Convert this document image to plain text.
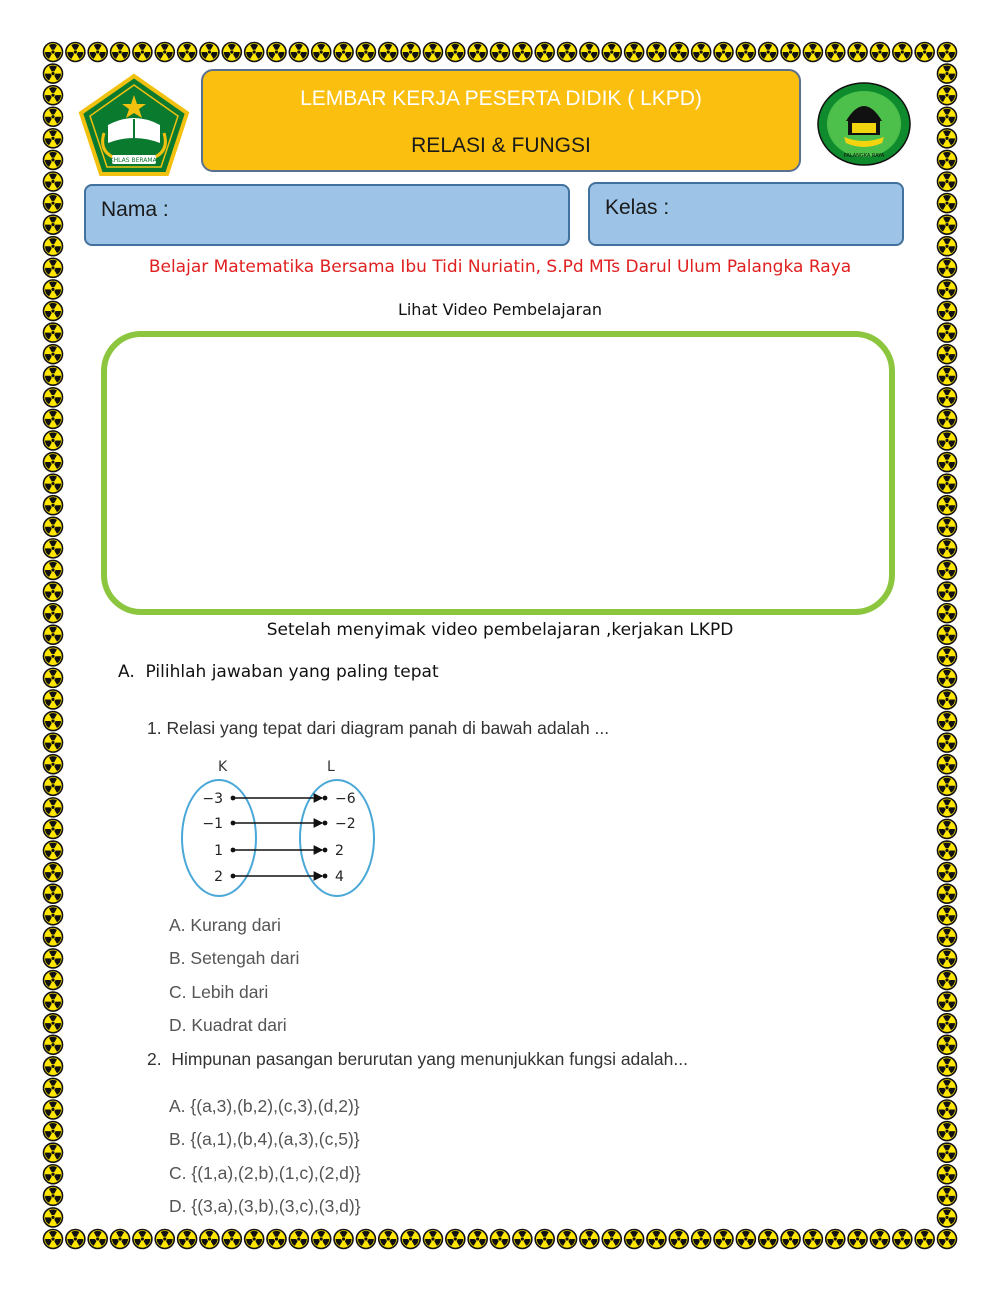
LEMBAR KERJA PESERTA DIDIK ( LKPD)
RELASI & FUNGSI
IKHLAS BERAMAL
PALANGKA RAYA
Nama :	Kelas :
Belajar Matematika Bersama Ibu Tidi Nuriatin, S.Pd MTs Darul Ulum Palangka Raya
Lihat Video Pembelajaran
Setelah menyimak video pembelajaran ,kerjakan LKPD
A. Pilihlah jawaban yang paling tepat
1. Relasi yang tepat dari diagram panah di bawah adalah ...
K	L
−3
−1
1
2
−6
−2
2
4
A. Kurang dari
B. Setengah dari
C. Lebih dari
D. Kuadrat dari
2. Himpunan pasangan berurutan yang menunjukkan fungsi adalah...
A. {(a,3),(b,2),(c,3),(d,2)}
B. {(a,1),(b,4),(a,3),(c,5)}
C. {(1,a),(2,b),(1,c),(2,d)}
D. {(3,a),(3,b),(3,c),(3,d)}
